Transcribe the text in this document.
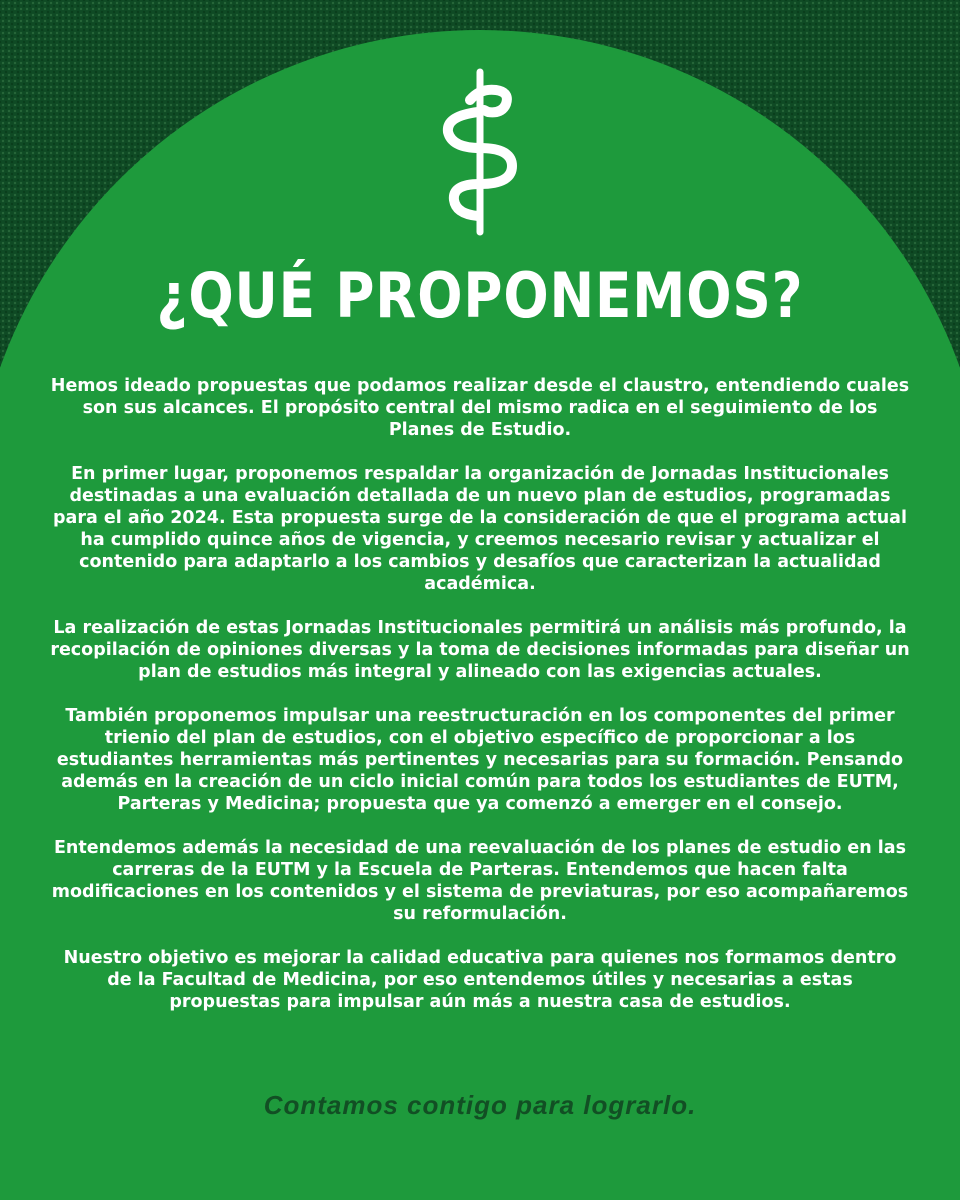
¿QUÉ PROPONEMOS?

Hemos ideado propuestas que podamos realizar desde el claustro, entendiendo cuales son sus alcances. El propósito central del mismo radica en el seguimiento de los Planes de Estudio.

En primer lugar, proponemos respaldar la organización de Jornadas Institucionales destinadas a una evaluación detallada de un nuevo plan de estudios, programadas para el año 2024. Esta propuesta surge de la consideración de que el programa actual ha cumplido quince años de vigencia, y creemos necesario revisar y actualizar el contenido para adaptarlo a los cambios y desafíos que caracterizan la actualidad académica.

La realización de estas Jornadas Institucionales permitirá un análisis más profundo, la recopilación de opiniones diversas y la toma de decisiones informadas para diseñar un plan de estudios más integral y alineado con las exigencias actuales.

También proponemos impulsar una reestructuración en los componentes del primer trienio del plan de estudios, con el objetivo específico de proporcionar a los estudiantes herramientas más pertinentes y necesarias para su formación. Pensando además en la creación de un ciclo inicial común para todos los estudiantes de EUTM, Parteras y Medicina; propuesta que ya comenzó a emerger en el consejo.

Entendemos además la necesidad de una reevaluación de los planes de estudio en las carreras de la EUTM y la Escuela de Parteras. Entendemos que hacen falta modificaciones en los contenidos y el sistema de previaturas, por eso acompañaremos su reformulación.

Nuestro objetivo es mejorar la calidad educativa para quienes nos formamos dentro de la Facultad de Medicina, por eso entendemos útiles y necesarias a estas propuestas para impulsar aún más a nuestra casa de estudios.

Contamos contigo para lograrlo.
